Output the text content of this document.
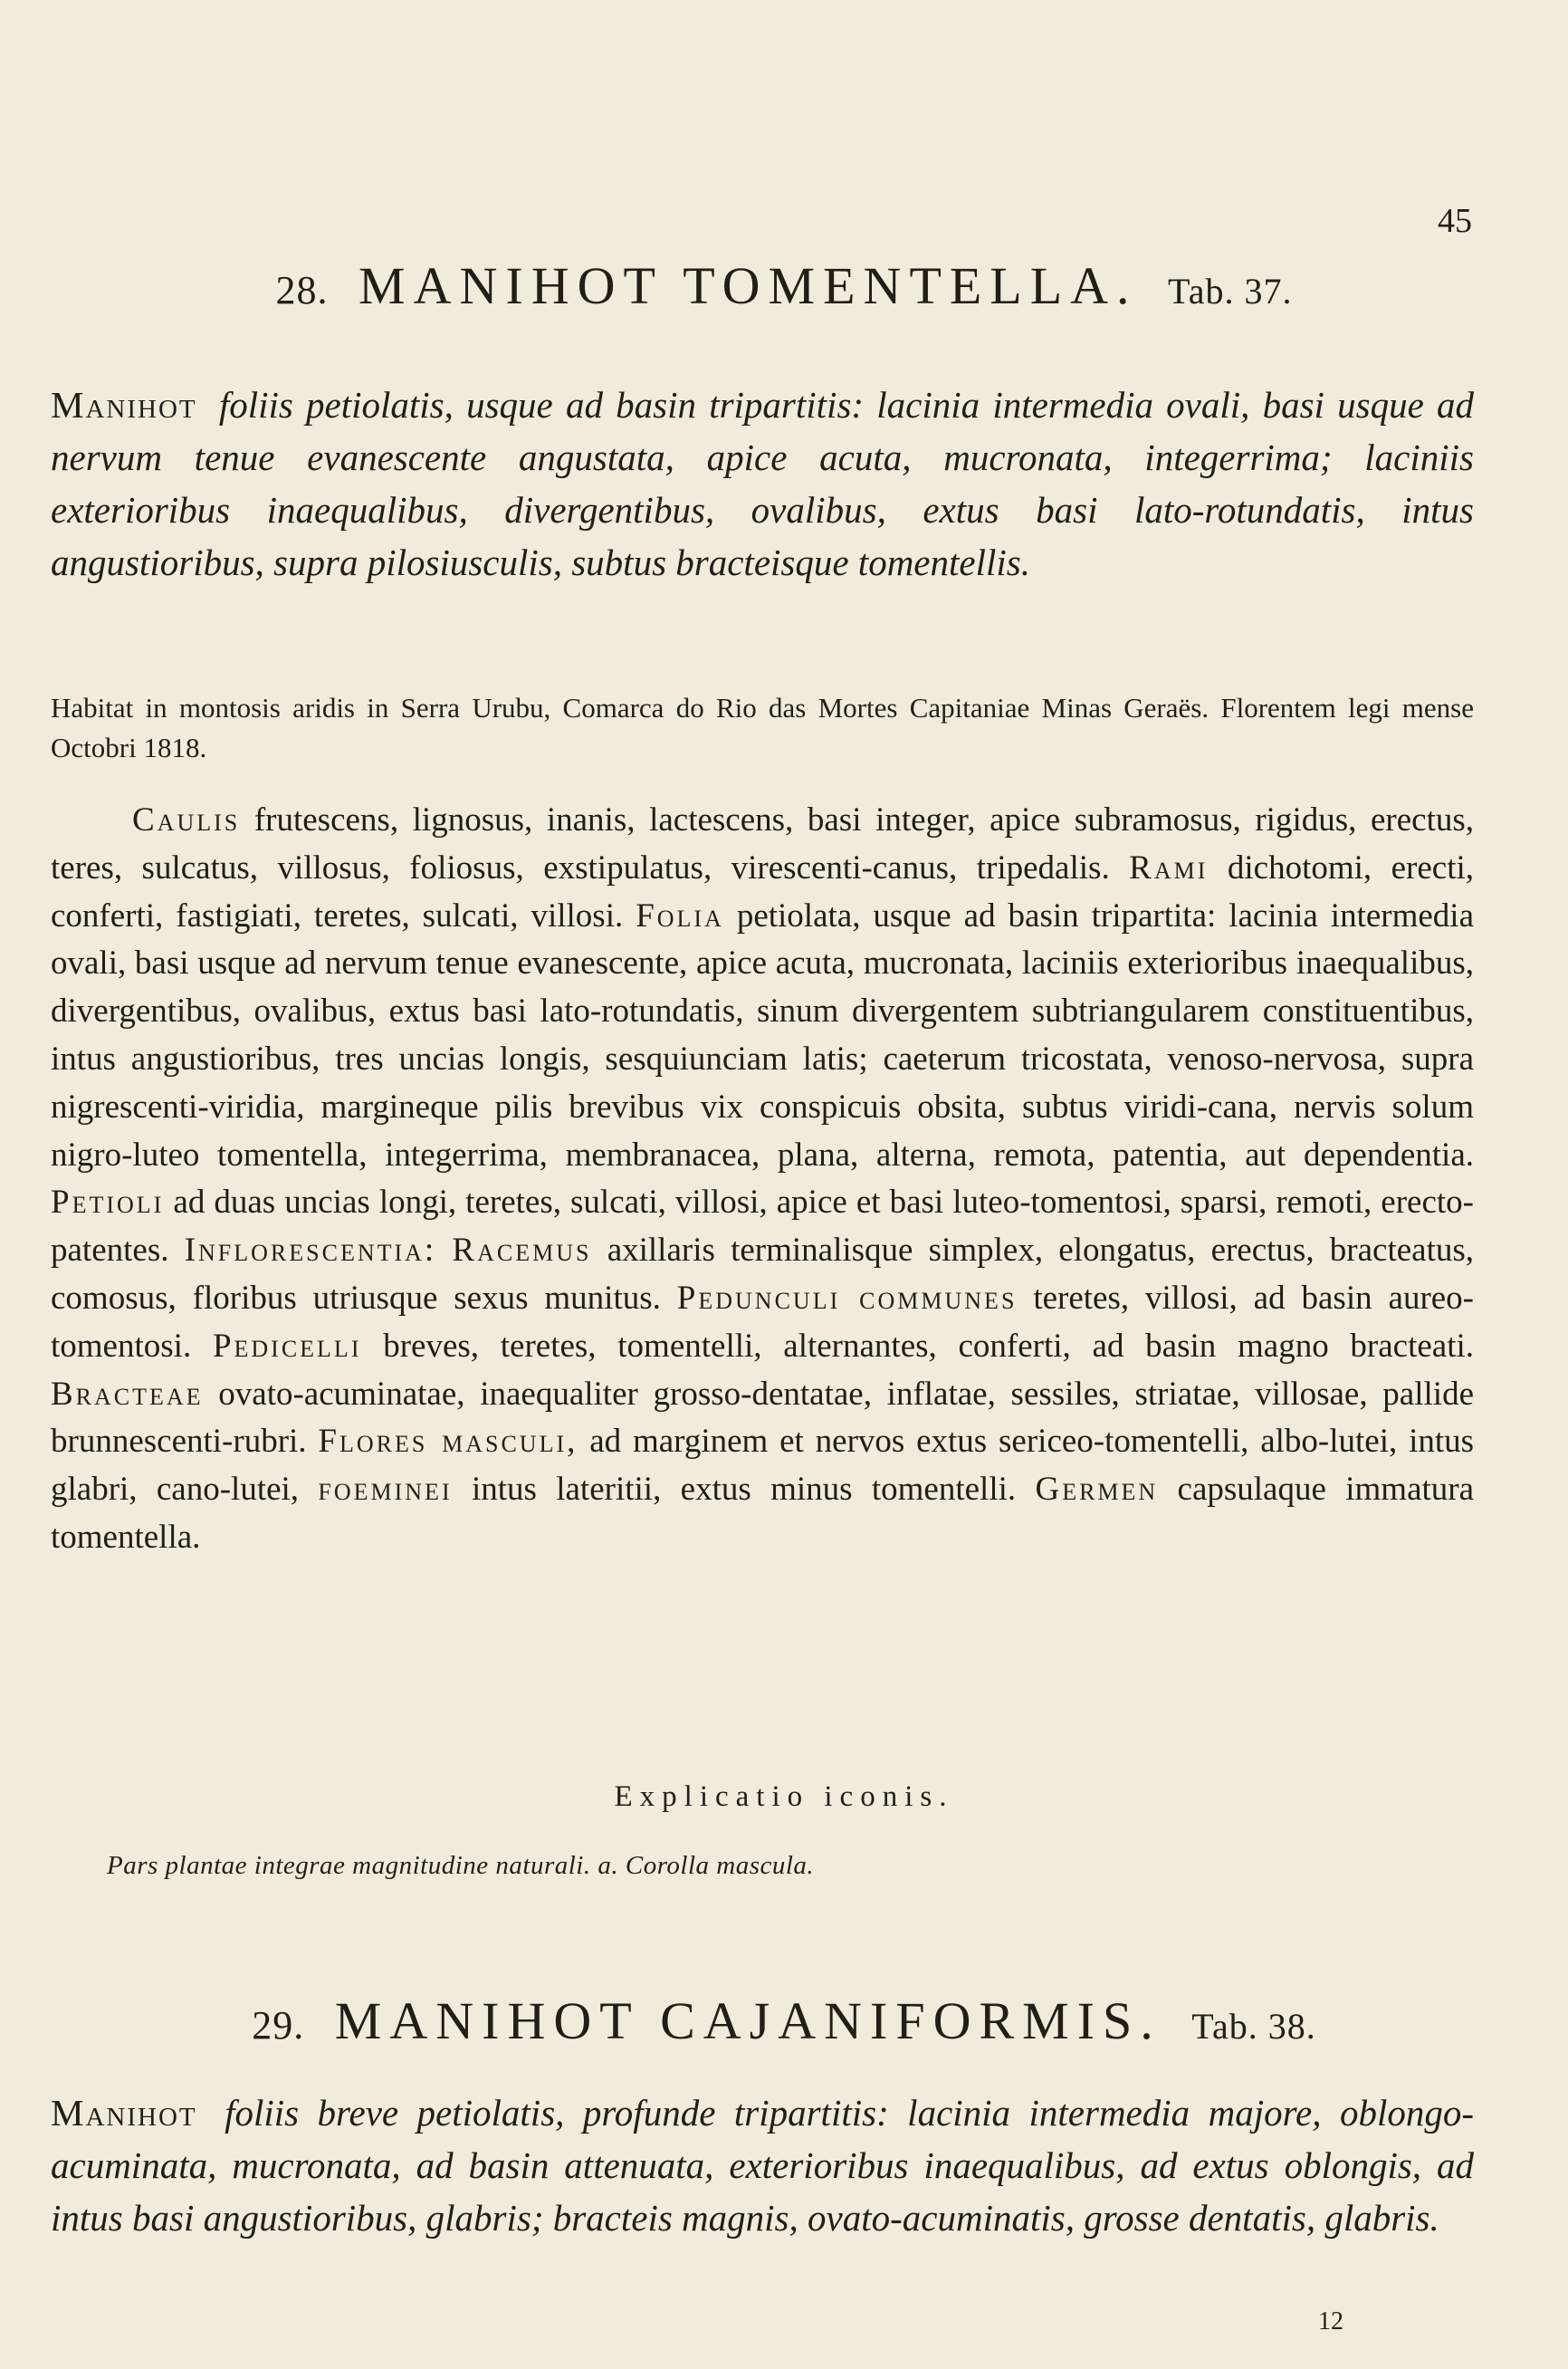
45
28. MANIHOT TOMENTELLA. Tab. 37.

Manihot foliis petiolatis, usque ad basin tripartitis: lacinia intermedia ovali, basi usque ad nervum tenue evanescente angustata, apice acuta, mucronata, integerrima; laciniis exterioribus inaequalibus, divergentibus, ovalibus, extus basi lato-rotundatis, intus angustioribus, supra pilosiusculis, subtus bracteisque tomentellis.

Habitat in montosis aridis in Serra Urubu, Comarca do Rio das Mortes Capitaniae Minas Geraës. Florentem legi mense Octobri 1818.

Caulis frutescens, lignosus, inanis, lactescens, basi integer, apice subramosus, rigidus, erectus, teres, sulcatus, villosus, foliosus, exstipulatus, virescenti-canus, tripedalis. Rami dichotomi, erecti, conferti, fastigiati, teretes, sulcati, villosi. Folia petiolata, usque ad basin tripartita: lacinia intermedia ovali, basi usque ad nervum tenue evanescente, apice acuta, mucronata, laciniis exterioribus inaequalibus, divergentibus, ovalibus, extus basi lato-rotundatis, sinum divergentem subtriangularem constituentibus, intus angustioribus, tres uncias longis, sesquiunciam latis; caeterum tricostata, venoso-nervosa, supra nigrescenti-viridia, margineque pilis brevibus vix conspicuis obsita, subtus viridi-cana, nervis solum nigro-luteo tomentella, integerrima, membranacea, plana, alterna, remota, patentia, aut dependentia. Petioli ad duas uncias longi, teretes, sulcati, villosi, apice et basi luteo-tomentosi, sparsi, remoti, erecto-patentes. Inflorescentia: Racemus axillaris terminalisque simplex, elongatus, erectus, bracteatus, comosus, floribus utriusque sexus munitus. Pedunculi communes teretes, villosi, ad basin aureo-tomentosi. Pedicelli breves, teretes, tomentelli, alternantes, conferti, ad basin magno bracteati. Bracteae ovato-acuminatae, inaequaliter grosso-dentatae, inflatae, sessiles, striatae, villosae, pallide brunnescenti-rubri. Flores masculi, ad marginem et nervos extus sericeo-tomentelli, albo-lutei, intus glabri, cano-lutei, foeminei intus lateritii, extus minus tomentelli. Germen capsulaque immatura tomentella.

Explicatio iconis.
Pars plantae integrae magnitudine naturali. a. Corolla mascula.
29. MANIHOT CAJANIFORMIS. Tab. 38.

Manihot foliis breve petiolatis, profunde tripartitis: lacinia intermedia majore, oblongo-acuminata, mucronata, ad basin attenuata, exterioribus inaequalibus, ad extus oblongis, ad intus basi angustioribus, glabris; bracteis magnis, ovato-acuminatis, grosse dentatis, glabris.

12
